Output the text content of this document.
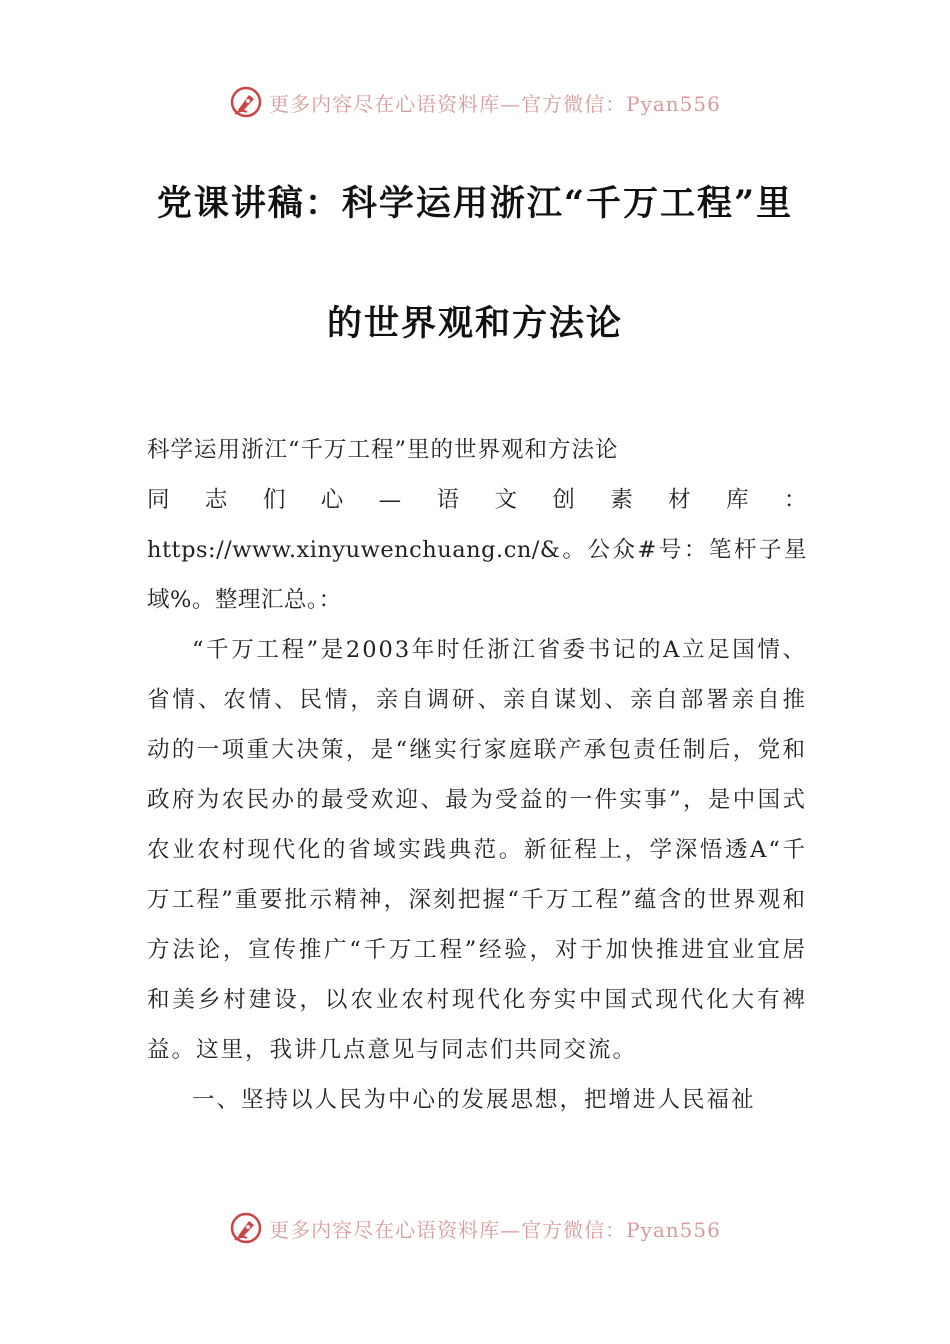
更多内容尽在心语资料库—官方微信：Pyan556
党课讲稿：科学运用浙江“千万工程”里
的世界观和方法论

科学运用浙江“千万工程”里的世界观和方法论

同志们心—语文创素材库：https://www.xinyuwenchuang.cn/&。公众#号：笔杆子星域%。整理汇总。：

“千万工程”是2003年时任浙江省委书记的A立足国情、省情、农情、民情，亲自调研、亲自谋划、亲自部署亲自推动的一项重大决策，是“继实行家庭联产承包责任制后，党和政府为农民办的最受欢迎、最为受益的一件实事”，是中国式农业农村现代化的省域实践典范。新征程上，学深悟透A“千万工程”重要批示精神，深刻把握“千万工程”蕴含的世界观和方法论，宣传推广“千万工程”经验，对于加快推进宜业宜居和美乡村建设，以农业农村现代化夯实中国式现代化大有裨益。这里，我讲几点意见与同志们共同交流。

一、坚持以人民为中心的发展思想，把增进人民福祉

更多内容尽在心语资料库—官方微信：Pyan556
